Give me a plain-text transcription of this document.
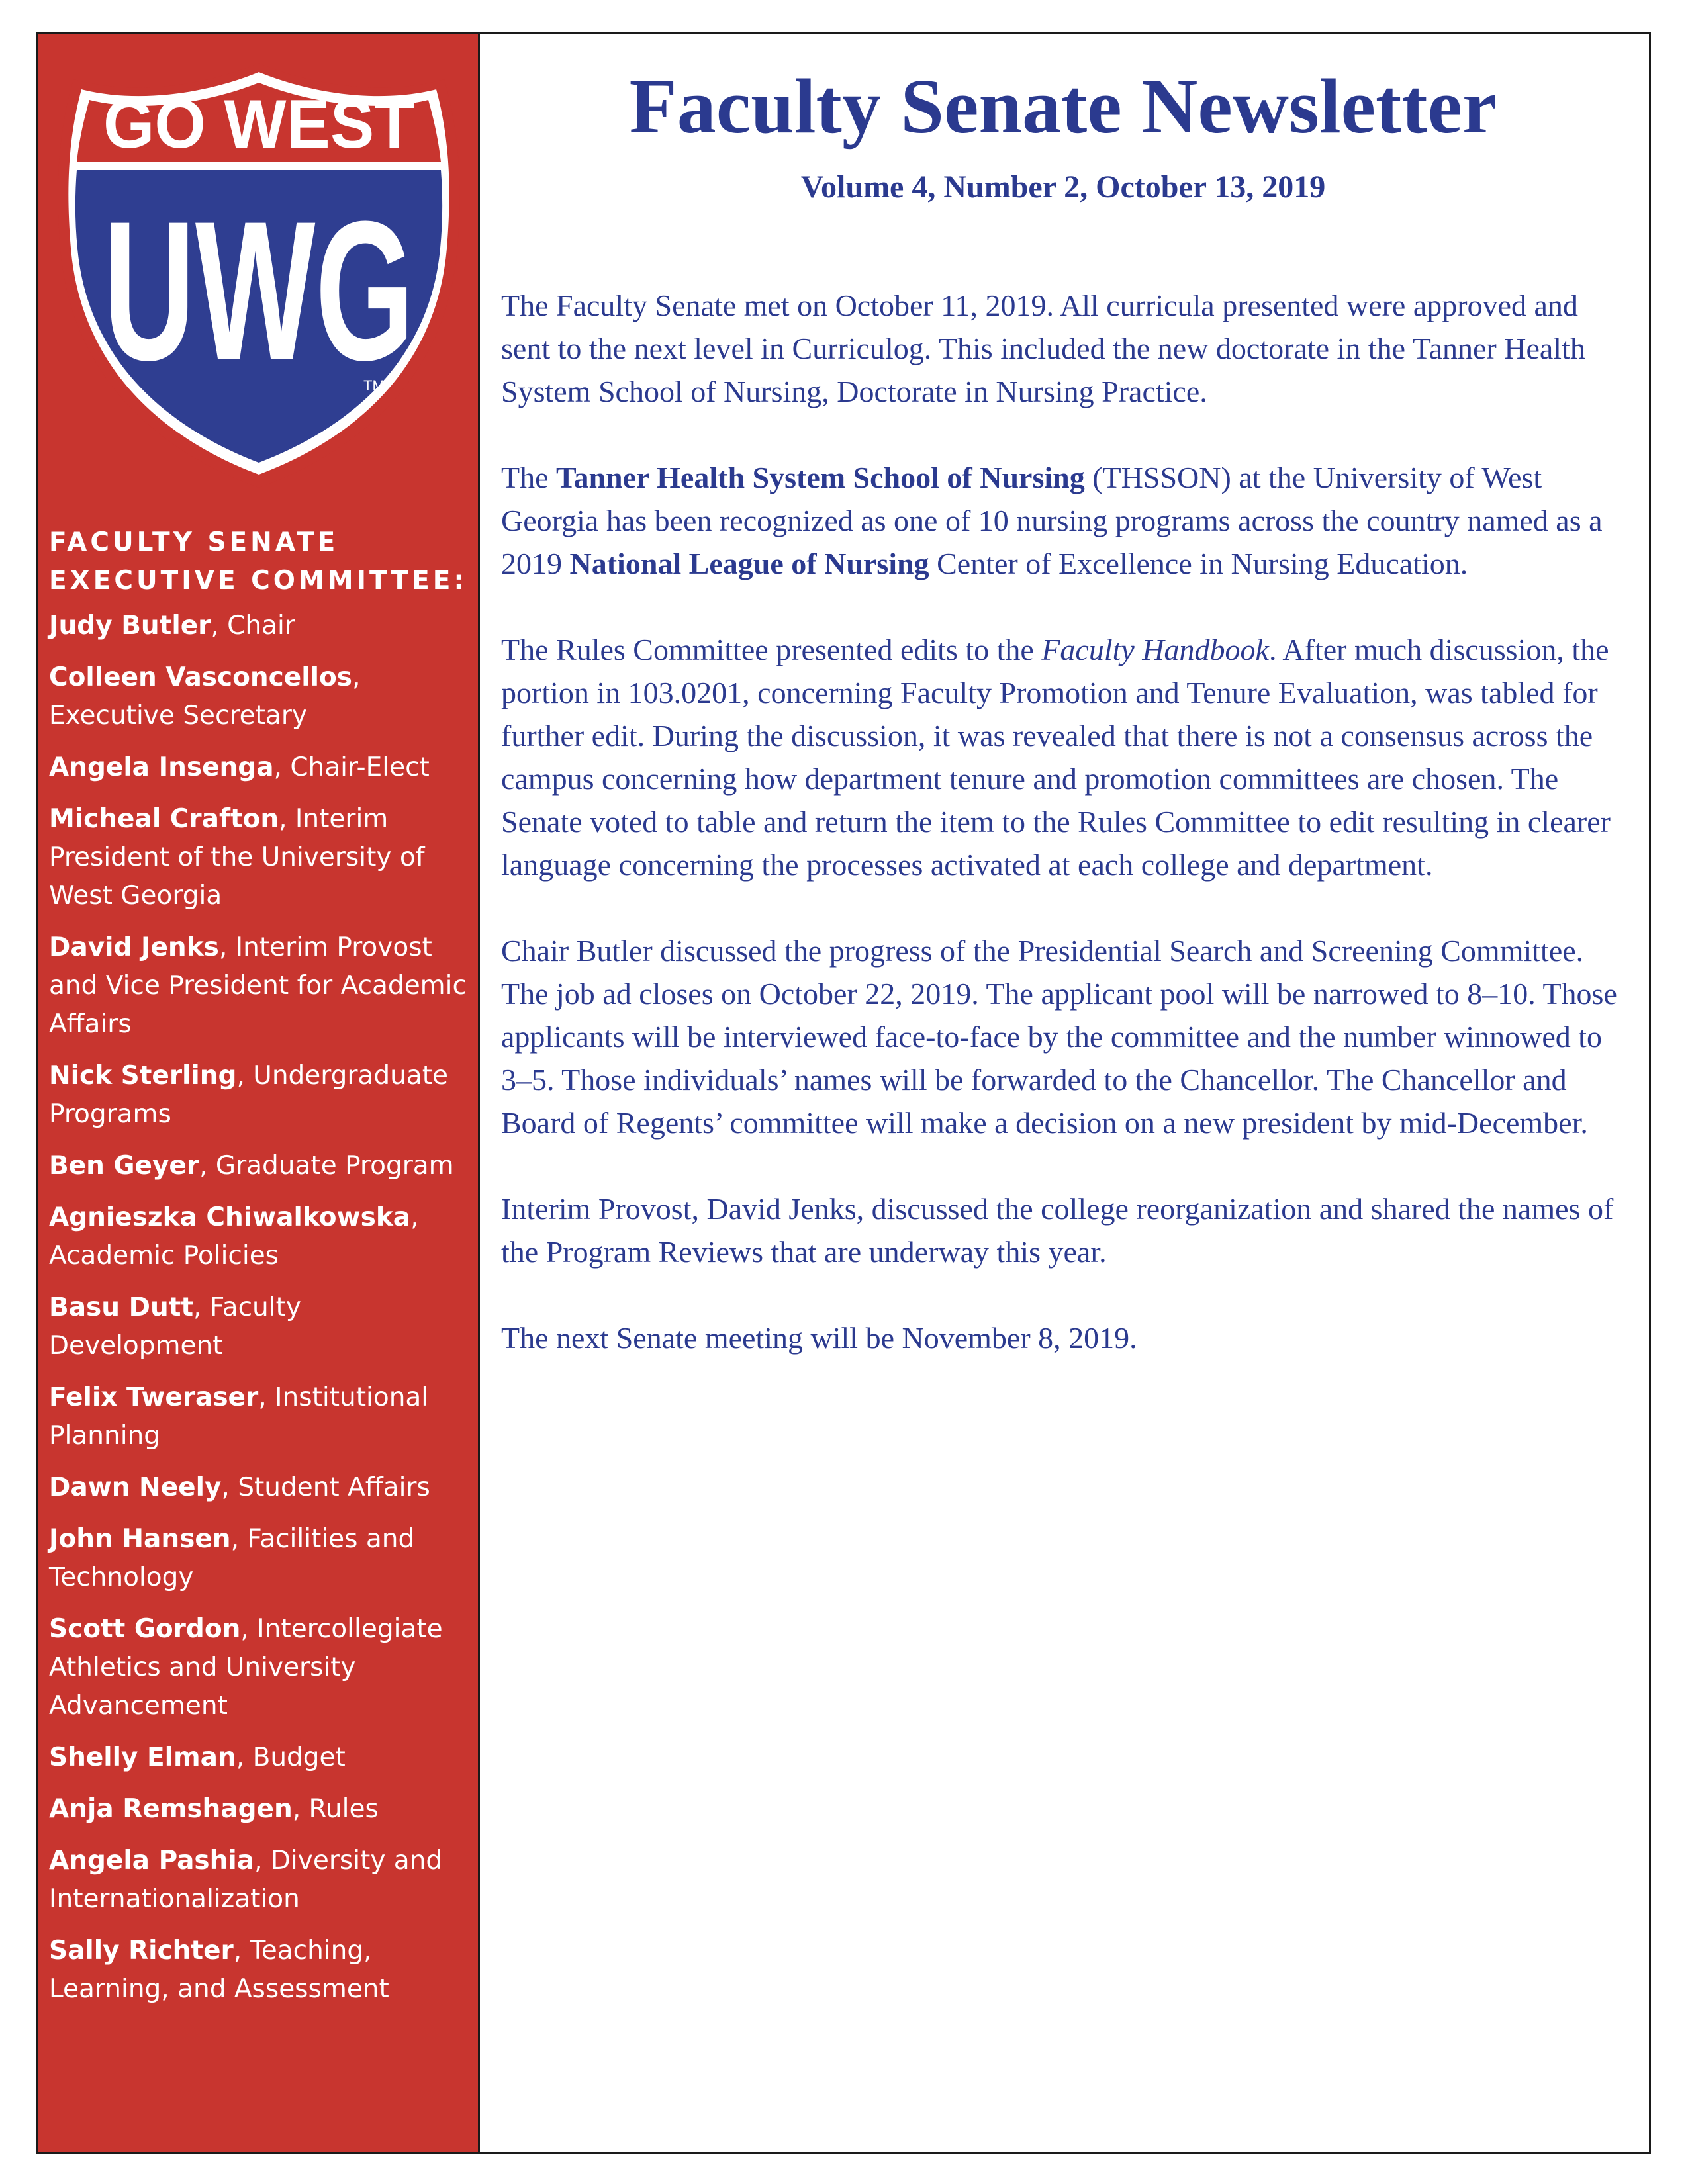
GO WEST
UWG
TM
FACULTY SENATE
EXECUTIVE COMMITTEE:
Judy Butler, Chair
Colleen Vasconcellos, Executive Secretary
Angela Insenga, Chair-Elect
Micheal Crafton, Interim President of the University of West Georgia
David Jenks, Interim Provost and Vice President for Academic Affairs
Nick Sterling, Undergraduate Programs
Ben Geyer, Graduate Program
Agnieszka Chiwalkowska, Academic Policies
Basu Dutt, Faculty Development
Felix Tweraser, Institutional Planning
Dawn Neely, Student Affairs
John Hansen, Facilities and Technology
Scott Gordon, Intercollegiate Athletics and University Advancement
Shelly Elman, Budget
Anja Remshagen, Rules
Angela Pashia, Diversity and Internationalization
Sally Richter, Teaching, Learning, and Assessment
Faculty Senate Newsletter
Volume 4, Number 2, October 13, 2019

The Faculty Senate met on October 11, 2019. All curricula presented were approved and sent to the next level in Curriculog. This included the new doctorate in the Tanner Health System School of Nursing, Doctorate in Nursing Practice.

The Tanner Health System School of Nursing (THSSON) at the University of West Georgia has been recognized as one of 10 nursing programs across the country named as a 2019 National League of Nursing Center of Excellence in Nursing Education.

The Rules Committee presented edits to the Faculty Handbook. After much discussion, the portion in 103.0201, concerning Faculty Promotion and Tenure Evaluation, was tabled for further edit. During the discussion, it was revealed that there is not a consensus across the campus concerning how department tenure and promotion committees are chosen. The Senate voted to table and return the item to the Rules Committee to edit resulting in clearer language concerning the processes activated at each college and department.

Chair Butler discussed the progress of the Presidential Search and Screening Committee. The job ad closes on October 22, 2019. The applicant pool will be narrowed to 8–10. Those applicants will be interviewed face-to-face by the committee and the number winnowed to 3–5. Those individuals’ names will be forwarded to the Chancellor. The Chancellor and Board of Regents’ committee will make a decision on a new president by mid-December.

Interim Provost, David Jenks, discussed the college reorganization and shared the names of the Program Reviews that are underway this year.

The next Senate meeting will be November 8, 2019.
